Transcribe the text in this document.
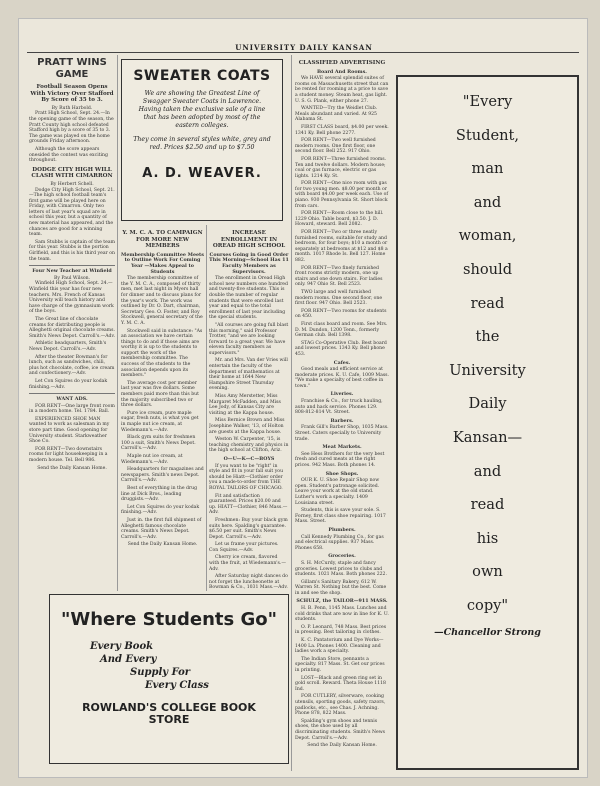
UNIVERSITY DAILY KANSAN
PRATT WINS GAME
Football Season Opens With Victory Over Stafford By Score of 35 to 3.
By Ruth Harbold.

Pratt High School, Sept. 24.—In the opening game of the season, the Pratt County high school defeated Stafford high by a score of 35 to 3. The game was played on the home grounds Friday afternoon.

Although the score appears onesided the contest was exciting throughout.

DODGE CITY HIGH WILL CLASH WITH CIMARRON
By Herbert Schell.

Dodge City High School, Sept. 21.—The high school football team's first game will be played here on Friday, with Cimarron. Only two letters of last year's squad are in school this year, but a quantity of new material has appeared, and the chances are good for a winning team.

Sam Stubbs is captain of the team for this year. Stubbs is the portion Girlfield, and this is his third year on the team.

Four New Teacher at Winfield
By Paul Wilson.

Winfield High School, Sept. 24.—Winfield this year has four new teachers. Mrs. French of Kansas University will teach history and have charge of the gymnasium work of the boys.

The Great line of chocolate creams for distributing people is Alleghetti original chocolate creams. Smith's News Depot. Carroll's.—Adv.

Athletic headquarters, Smith's News Depot. Carroll's.—Adv.

After the theater Bowman's for lunch, such as sandwiches, chili, plus hot chocolate, coffee, ice cream and confectionery.—Adv.

Let Con Squires do your kodak finishing.—Adv.

WANT ADS.

FOR RENT—One large front room in a modern home. Tel. 1784. Ball.

EXPERIENCED SHOE MAN wanted to work as salesman in my store part time. Good opening for University student. Starkweather Shoe Co.

FOR RENT—Two downstairs rooms for light housekeeping in a modern house. Tel. Bell 986.

Send the Daily Kansan Home.
SWEATER COATS
We are showing the Greatest Line of Swagger Sweater Coats in Lawrence. Having taken the exclusive sale of a line that has been adopted by most of the eastern colleges.
They come in several styles white, grey and red. Prices $2.50 and up to $7.50
A. D. WEAVER.
Y. M. C. A. TO CAMPAIGN FOR MORE NEW MEMBERS
Membership Committee Meets to Outline Work For Coming Year —Makes Appeal to Students

The membership committee of the Y. M. C. A., composed of thirty men, met last night in Myers hall for dinner and to discuss plans for the year's work. The work was outlined by Dr. O. Dart, chairman, Secretary Geo. O. Foster, and Roy Stockwell, general secretary of the Y. M. C. A.

Stockwell said in substance: "As an association we have certain things to do and if those aims are worthy it is up to the students to support the work of the membership committee. The success of the students to the association depends upon its members."

The average cost per member last year was five dollars. Some members paid more than this but the majority subscribed two or three dollars.

Pure ice cream, pure maple sugar, fresh nuts, is what you get in maple nut ice cream, at Wiedemann's.—Adv.

Black gym suits for freshmen 100 a suit, Smith's News Depot. Carroll's.—Adv.

Maple nut ice cream, at Wiedemann's.—Adv.

Headquarters for magazines and newspapers. Smith's news Depot. Carroll's.—Adv.

Best of everything in the drug line at Dick Bros., leading druggists.—Adv.

Let Con Squires do your kodak finishing.—Adv.

Just in. the first full shipment of Alleghetti famous chocolate creams. Smith's News Depot. Carroll's.—Adv.

Send the Daily Kansan Home.
INCREASE ENROLLMENT IN OREAD HIGH SCHOOL
Courses Going in Good Order This Morning—School Has 11 Faculty Members as Supervisors.

The enrollment in Oread High school new numbers one hundred and twenty-five students. This is double the number of regular students that were enrolled last year and equal to the total enrollment of last year including the special students.

"All courses are going full blast this morning," said Professor Trotter, "and we are looking forward to a great year. We have eleven faculty members as supervisors."

Mr. and Mrs. Van der Vries will entertain the faculty of the department of mathematics at their home at 1644 New Hampshire Street Thursday evening.

Miss Amy Merstetter, Miss Margaret McFadden, and Miss Lee Jody, of Kansas City are visiting at the Kappa house.

Miss Bernice Brown and Miss Josephine Walker, '13, of Holton are guests at the Kappa house.

Weston W. Carpenter, '15, is teaching chemistry and physics in the high school at Clifton, Ariz.

O—U—K—C—BOYS

If you want to be "right" in style and fit in your fall suit you should be Hiatt—Clothier order you a made-to-order from THE ROYAL TAILORS OF CHICAGO.

Fit and satisfaction guaranteed. Prices $20.00 and up. HIATT—Clothier, 846 Mass.—Adv.

Freshmen: Buy your black gym suits here. Spalding's guarantee. $6.50 per suit. Smith's News Depot. Carroll's.—Adv.

Let us frame your pictures. Con Squires.—Adv.

Cherry ice cream, flavored with the fruit, at Wiedemann's.—Adv.

After Saturday night dances do not forget the luncheonette at Bowman & Co., 1031 Mass.—Adv.

"Where Students Go"
Every Book
And Every
Supply For
Every Class
ROWLAND'S COLLEGE BOOK
STORE
CLASSIFIED ADVERTISING
Board And Rooms.

We HAVE several splendid suites of rooms on Massachusetts street that can be rented for rooming at a price to save a student money. Steam heat, gas light. U. S. G. Plank, either phone 27.

WANTED—Try the Weidlet Club. Meals abundant and varied. At 925 Alabama St.

FIRST CLASS board, $4.00 per week. 1341 Ky. Bell phone 2277.

FOR RENT—Two well furnished modern rooms. One first floor, one second floor. Bell 252. 917 Ohio.

FOR RENT—Three furnished rooms. Ten and twelve dollars. Modern house; coal or gas furnace, electric or gas lights. 1214 Ky. St.

FOR RENT—One nice room with gas for two young men. $8.00 per month or with board $4.00 per week each. Use of piano. 930 Pennsylvania St. Short block from cars.

FOR RENT—Room close to the hill. 1229 Ohio. Table board, $3.50. J. D. Howard, steward. Bell 2082.

FOR RENT—Two or three neatly furnished rooms, suitable for study and bedroom, for four boys; $10 a month or separately at bedrooms at $12 and $8 a month. 1017 Rhode Is. Bell 127. Home 882.

FOR RENT—Two finely furnished front rooms strictly modern, one up stairs and one down stairs. For ladies only. 947 Ohio St. Bell 2523.

TWO large and well furnished modern rooms. One second floor, one first floor. 947 Ohio. Bell 2523.

FOR RENT—Two rooms for students on 450.

First class board and room. See Mrs. D. M. Dundon, 1200 Tenn., formerly German club. Bell 1398.

STAG Co-Operative Club. Best board and lowest prices. 1343 Ky. Bell phone 453.

Cafes.

Good meals and efficient service at moderate prices. K. U. Cafe, 1009 Mass. "We make a specialty of best coffee in town."

Liveries.

Franchise & Co., for truck hauling, auto and hack service. Phones 129. 808-812-814 Vt. Street.

Barbers.

Frank Gill's Barber Shop, 1035 Mass. Street. Caters specially to University trade.

Meat Markets.

See Hess Brothers for the very best fresh and cured meats at the right prices. 942 Mass. Both phones 14.

Shoe Shops.

OUR K. U. Shoe Repair Shop now open. Student's patronage solicited. Leave your work at the old stand. Luther's work a specialty. 1409 Louisiana street.

Students, this is save your sole. S. Forney, first class shoe repairing. 1017 Mass. Street.

Plumbers.

Call Kennedy Plumbing Co., for gas and electrical supplies. 937 Mass. Phones 658.

Groceries.

S. H. McCurdy, staple and fancy groceries. Lowest prices to clubs and students. 1021 Mass. Both phones 222.

Gillam's Sanitary Bakery, 612 W. Warren St. Nothing but the best. Come in and see the shop.

SCHULZ, the TAILOR—911 MASS.

H. B. Penn, 1145 Mass. Lunches and cold drinks that are now in line for K. U. students.

O. P. Leonard, 748 Mass. Best prices in pressing. Best tailoring in clothes.

K. C. Pantatorium and Dye Works—1400 La. Phones 1400. Cleaning and ladies work a specialty.

The Indian Store, pennants a specialty. 817 Mass. St. Get our prices in printing.

LOST—Black and green ring set in gold scroll. Reward. Theta House 1118 Ind.

FOR CUTLERY, silverware, cooking utensils, sporting goods, safety razors, padlocks, etc., see Chas. J. Achning. Phone 878, 822 Mass.

Spalding's gym shoes and tennis shoes, the shoe used by all discriminating students. Smith's News Depot. Carroll's.—Adv.

Send the Daily Kansan Home.
"Every
Student,
man
and
woman,
should
read
the
University
Daily
Kansan—
and
read
his
own
copy"
—Chancellor Strong
